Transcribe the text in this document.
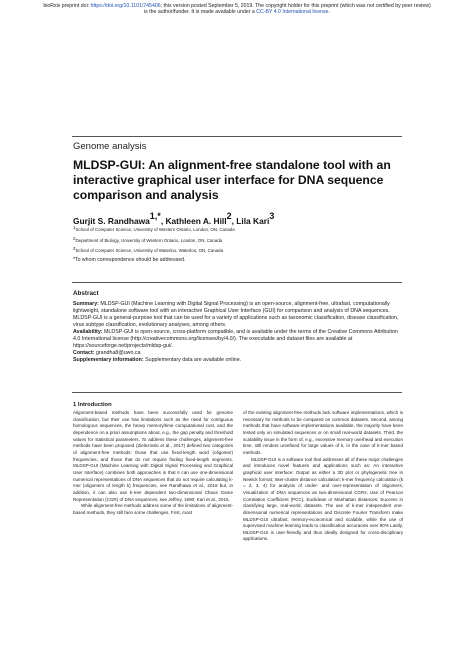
bioRxiv preprint doi: https://doi.org/10.1101/745406; this version posted September 5, 2019. The copyright holder for this preprint (which was not certified by peer review)
is the author/funder. It is made available under a CC-BY 4.0 International license.
Genome analysis
MLDSP-GUI: An alignment-free standalone tool with an interactive graphical user interface for DNA sequence comparison and analysis
Gurjit S. Randhawa$^{1,*}$, Kathleen A. Hill$^2$, Lila Kari$^3$
$^1$School of Computer Science, University of Western Ontario, London, ON, Canada
$^2$Department of Biology, University of Western Ontario, London, ON, Canada
$^3$School of Computer Science, University of Waterloo, Waterloo, ON, Canada
*To whom correspondence should be addressed.
Abstract
Summary: MLDSP-GUI (Machine Learning with Digital Signal Processing) is an open-source, alignment-free, ultrafast, computationally lightweight, standalone software tool with an interactive Graphical User Interface (GUI) for comparison and analysis of DNA sequences. MLDSP-GUI is a general-purpose tool that can be used for a variety of applications such as taxonomic classification, disease classification, virus subtype classification, evolutionary analyses, among others.
Availability: MLDSP-GUI is open-source, cross-platform compatible, and is available under the terms of the Creative Commons Attribution 4.0 International license (http://creativecommons.org/licenses/by/4.0/). The executable and dataset files are available at https://sourceforge.net/projects/mldsp-gui/.
Contact: grandha8@uwo.ca
Supplementary information: Supplementary data are available online.
1 Introduction

Alignment-based methods have been successfully used for genome classification, but their use has limitations such as the need for contiguous homologous sequences, the heavy memory/time computational cost, and the dependence on a priori assumptions about, e.g., the gap penalty and threshold values for statistical parameters. To address these challenges, alignment-free methods have been proposed (Zielezinski et al., 2017) defined two categories of alignment-free methods: those that use fixed-length word (oligomer) frequencies, and those that do not require finding fixed-length segments. MLDSP-GUI (Machine Learning with Digital Signal Processing and Graphical User Interface) combines both approaches in that it can use one-dimensional numerical representations of DNA sequences that do not require calculating k-mer (oligomers of length k) frequencies, see Randhawa et al., 2019 but, in addition, it can also use k-mer dependent two-dimensional Chaos Game Representation (CGR) of DNA sequences, see Jeffrey, 1990; Kari et al., 2015.

While alignment-free methods address some of the limitations of alignment-based methods, they still face some challenges. First, most

of the existing alignment-free methods lack software implementations, which is necessary for methods to be compared on common datasets. Second, among methods that have software implementations available, the majority have been tested only on simulated sequences or on small real-world datasets. Third, the scalability issue in the form of, e.g., excessive memory overhead and execution time, still renders unrefined for large values of k, in the case of k-mer based methods.

MLDSP-GUI is a software tool that addresses all of these major challenges and introduces novel features and applications such as: An interactive graphical user interface: Output as either a 3D plot or phylogenetic tree in Newick format; Inter-cluster distance calculation; k-mer frequency calculation (k = 2, 3, 4) for analysis of under- and over-representation of oligomers; Visualization of DNA sequences as two-dimensional CGRs; Use of Pearson Correlation Coefficient (PCC), Euclidean or Manhattan distances; Success in classifying large, real-world, datasets. The use of k-mer independent one-dimensional numerical representations and Discrete Fourier Transform make MLDSP-GUI ultrafast, memory-economical and scalable, while the use of supervised machine learning leads to classification accuracies over 90% Lastly, MLDSP-GUI is user-friendly and thus ideally designed for cross-disciplinary applications.
